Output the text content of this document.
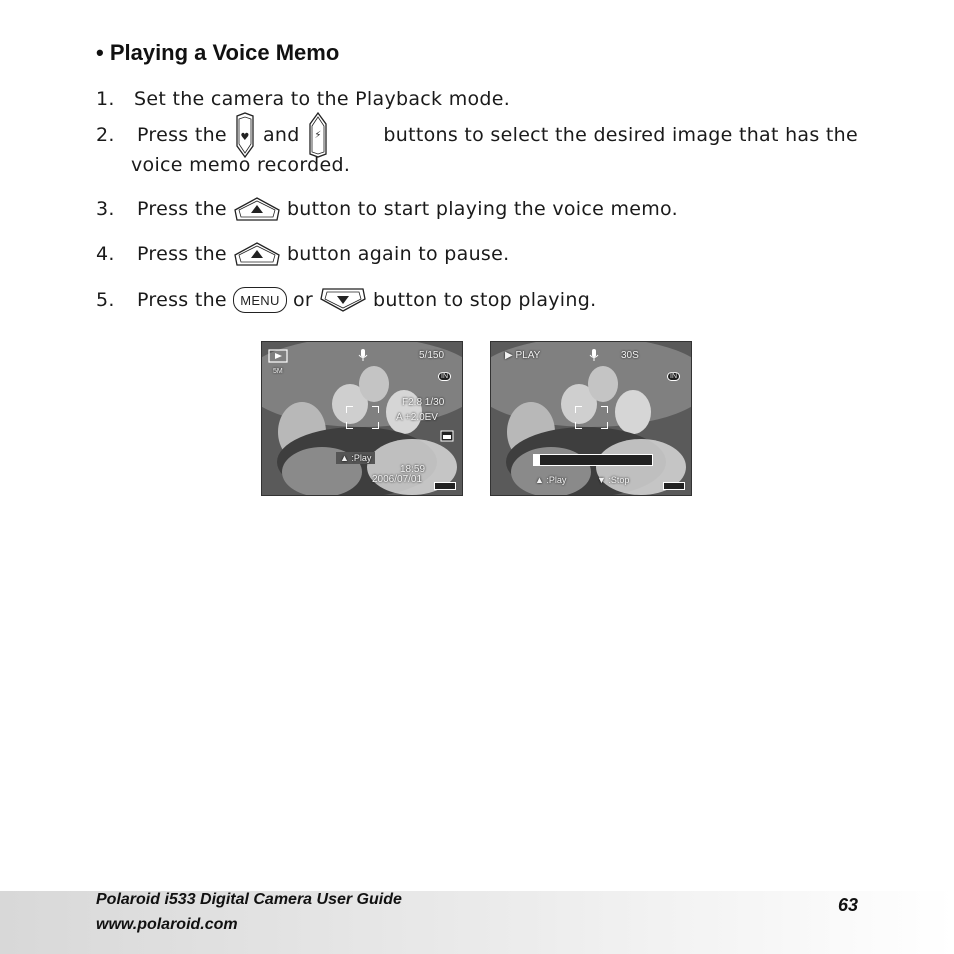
• Playing a Voice Memo
1. Set the camera to the Playback mode.
2.	Press the ♥ and ⚡	buttons to select the desired image that has the
voice memo recorded.
3.	Press the	button to start playing the voice memo.
4.	Press the	button again to pause.
5.	Press the MENU or	button to stop playing.
5M
5/150
IN
F2.8 1/30
A +2.0EV
▲ :Play
18:59
2006/07/01
▶ PLAY	30S
IN
▲ :Play	▼ :Stop
Polaroid i533 Digital Camera User Guide
www.polaroid.com
63
